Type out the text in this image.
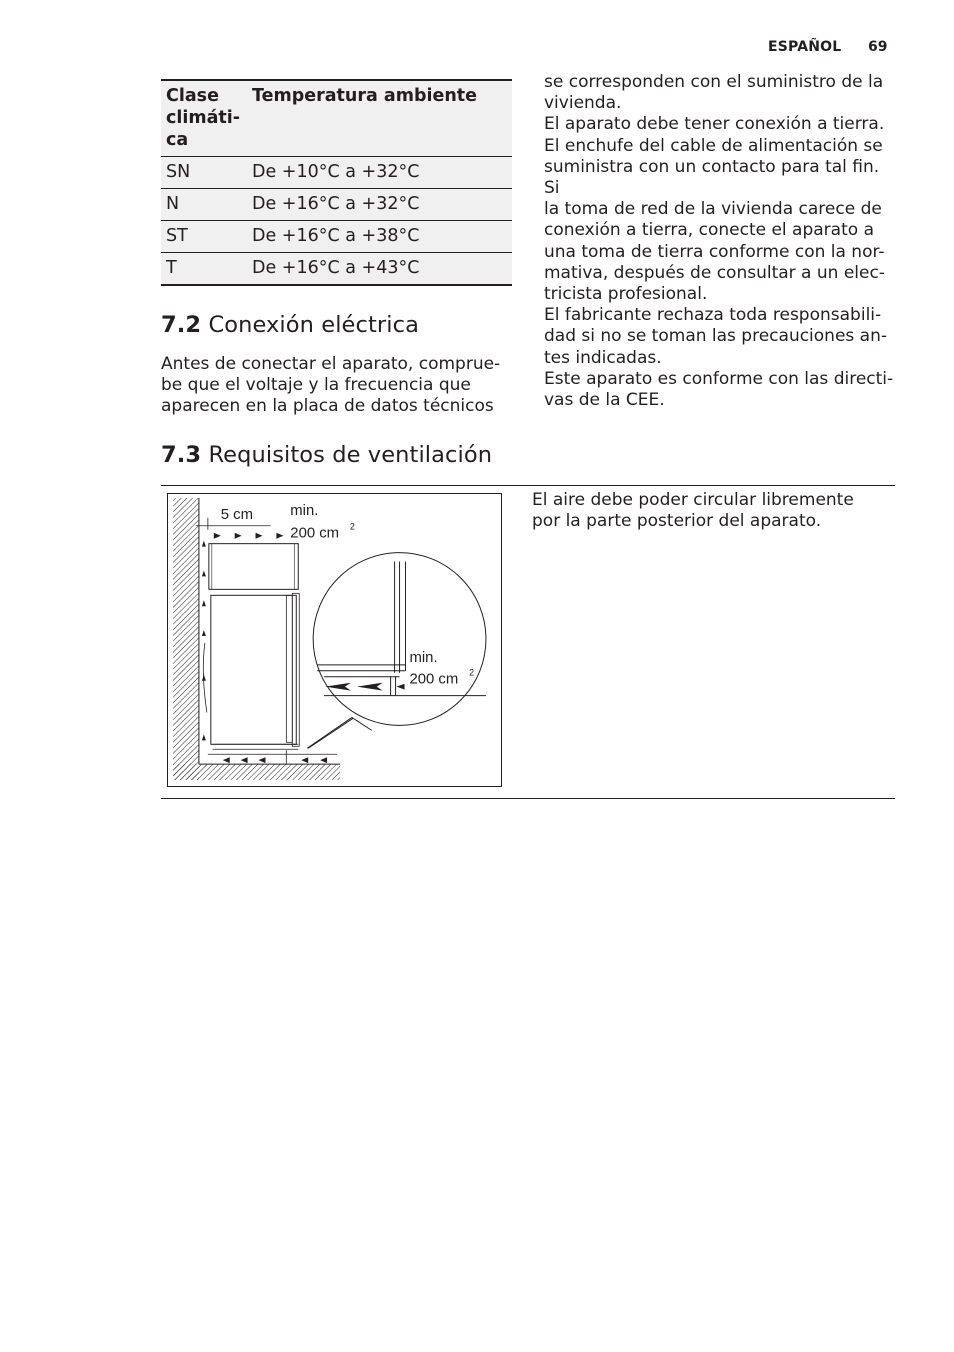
ESPAÑOL 69
Clase
climáti-
ca	Temperatura ambiente
SN	De +10°C a +32°C
N	De +16°C a +32°C
ST	De +16°C a +38°C
T	De +16°C a +43°C
7.2 Conexión eléctrica
Antes de conectar el aparato, comprue-
be que el voltaje y la frecuencia que
aparecen en la placa de datos técnicos
se corresponden con el suministro de la
vivienda.
El aparato debe tener conexión a tierra.
El enchufe del cable de alimentación se
suministra con un contacto para tal fin. Si
la toma de red de la vivienda carece de
conexión a tierra, conecte el aparato a
una toma de tierra conforme con la nor-
mativa, después de consultar a un elec-
tricista profesional.
El fabricante rechaza toda responsabili-
dad si no se toman las precauciones an-
tes indicadas.
Este aparato es conforme con las directi-
vas de la CEE.
7.3 Requisitos de ventilación
El aire debe poder circular libremente
por la parte posterior del aparato.
5 cm min.
200 cm 2
min.
200 cm 2
